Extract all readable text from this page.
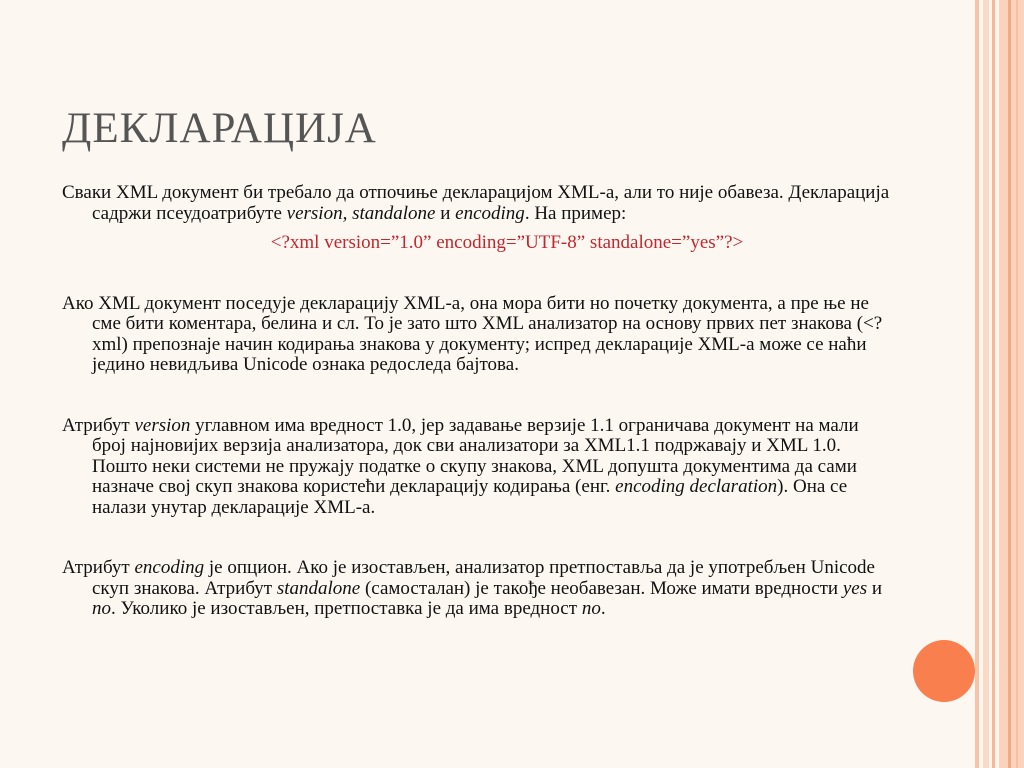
ДЕКЛАРАЦИЈА

Сваки XML документ би требало да отпочиње декларацијом XML-а, али то није обавеза. Декларација садржи псеудоатрибуте version, standalone и encoding. На пример:

<?xml version=”1.0” encoding=”UTF-8” standalone=”yes”?>

Ако XML документ поседује декларацију XML-а, она мора бити но почетку документа, а пре ње не сме бити коментара, белина и сл. То је зато што XML анализатор на основу првих пет знакова (<?xml) препознаје начин кодирања знакова у документу; испред декларације XML-а може се наћи једино невидљива Unicode ознака редоследа бајтова.

Атрибут version углавном има вредност 1.0, јер задавање верзије 1.1 ограничава документ на мали број најновијих верзија анализатора, док сви анализатори за XML1.1 подржавају и XML 1.0. Пошто неки системи не пружају податке о скупу знакова, XML допушта документима да сами назначе свој скуп знакова користећи декларацију кодирања (енг. encoding declaration). Она се налази унутар декларације XML-а.

Атрибут encoding је опцион. Ако је изостављен, анализатор претпоставља да је употребљен Unicode скуп знакова. Атрибут standalone (самосталан) је такође необавезан. Може имати вредности yes и no. Уколико је изостављен, претпоставка је да има вредност no.
